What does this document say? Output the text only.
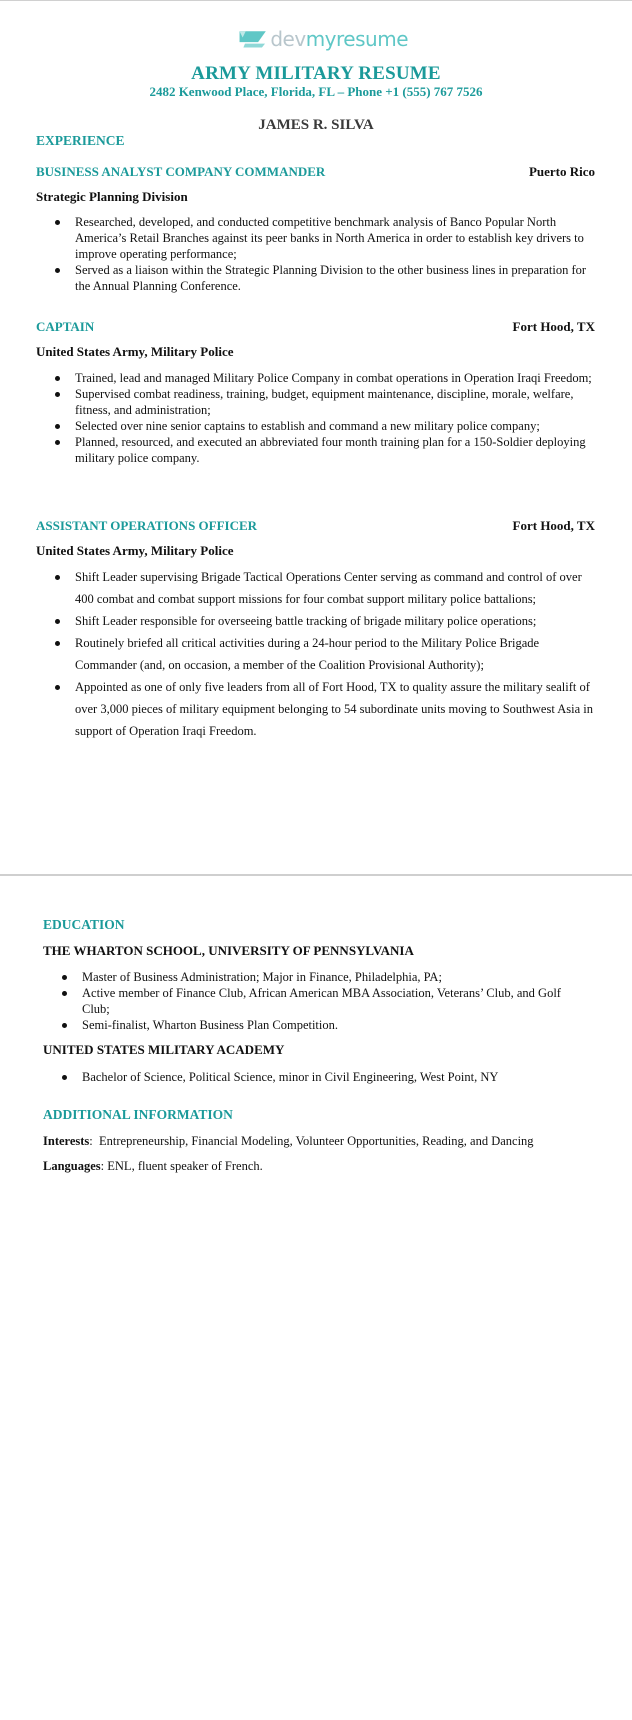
devmyresume
ARMY MILITARY RESUME
2482 Kenwood Place, Florida, FL – Phone +1 (555) 767 7526
JAMES R. SILVA
EXPERIENCE
BUSINESS ANALYST COMPANY COMMANDER	Puerto Rico
Strategic Planning Division
Researched, developed, and conducted competitive benchmark analysis of Banco Popular North America’s Retail Branches against its peer banks in North America in order to establish key drivers to improve operating performance;
Served as a liaison within the Strategic Planning Division to the other business lines in preparation for the Annual Planning Conference.
CAPTAIN	Fort Hood, TX
United States Army, Military Police
Trained, lead and managed Military Police Company in combat operations in Operation Iraqi Freedom;
Supervised combat readiness, training, budget, equipment maintenance, discipline, morale, welfare, fitness, and administration;
Selected over nine senior captains to establish and command a new military police company;
Planned, resourced, and executed an abbreviated four month training plan for a 150-Soldier deploying military police company.
ASSISTANT OPERATIONS OFFICER	Fort Hood, TX
United States Army, Military Police
Shift Leader supervising Brigade Tactical Operations Center serving as command and control of over 400 combat and combat support missions for four combat support military police battalions;
Shift Leader responsible for overseeing battle tracking of brigade military police operations;
Routinely briefed all critical activities during a 24-hour period to the Military Police Brigade Commander (and, on occasion, a member of the Coalition Provisional Authority);
Appointed as one of only five leaders from all of Fort Hood, TX to quality assure the military sealift of over 3,000 pieces of military equipment belonging to 54 subordinate units moving to Southwest Asia in support of Operation Iraqi Freedom.
EDUCATION
THE WHARTON SCHOOL, UNIVERSITY OF PENNSYLVANIA
Master of Business Administration; Major in Finance, Philadelphia, PA;
Active member of Finance Club, African American MBA Association, Veterans’ Club, and Golf Club;
Semi-finalist, Wharton Business Plan Competition.
UNITED STATES MILITARY ACADEMY
Bachelor of Science, Political Science, minor in Civil Engineering, West Point, NY
ADDITIONAL INFORMATION
Interests:  Entrepreneurship, Financial Modeling, Volunteer Opportunities, Reading, and Dancing
Languages: ENL, fluent speaker of French.
